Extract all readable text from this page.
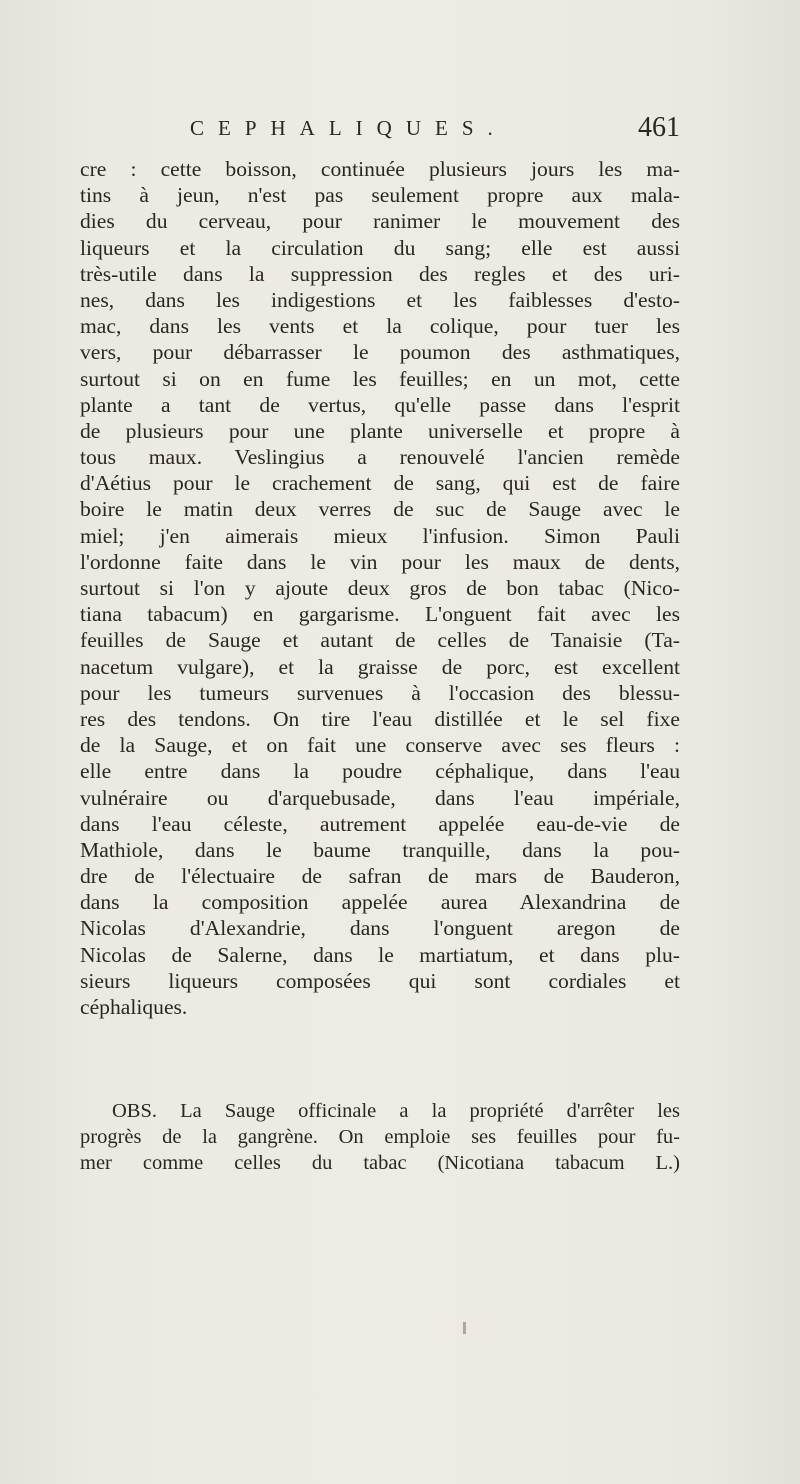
CEPHALIQUES.	461
cre : cette boisson, continuée plusieurs jours les ma-
tins à jeun, n'est pas seulement propre aux mala-
dies du cerveau, pour ranimer le mouvement des
liqueurs et la circulation du sang; elle est aussi
très-utile dans la suppression des regles et des uri-
nes, dans les indigestions et les faiblesses d'esto-
mac, dans les vents et la colique, pour tuer les
vers, pour débarrasser le poumon des asthmatiques,
surtout si on en fume les feuilles; en un mot, cette
plante a tant de vertus, qu'elle passe dans l'esprit
de plusieurs pour une plante universelle et propre à
tous maux. Veslingius a renouvelé l'ancien remède
d'Aétius pour le crachement de sang, qui est de faire
boire le matin deux verres de suc de Sauge avec le
miel; j'en aimerais mieux l'infusion. Simon Pauli
l'ordonne faite dans le vin pour les maux de dents,
surtout si l'on y ajoute deux gros de bon tabac (Nico-
tiana tabacum) en gargarisme. L'onguent fait avec les
feuilles de Sauge et autant de celles de Tanaisie (Ta-
nacetum vulgare), et la graisse de porc, est excellent
pour les tumeurs survenues à l'occasion des blessu-
res des tendons. On tire l'eau distillée et le sel fixe
de la Sauge, et on fait une conserve avec ses fleurs :
elle entre dans la poudre céphalique, dans l'eau
vulnéraire ou d'arquebusade, dans l'eau impériale,
dans l'eau céleste, autrement appelée eau-de-vie de
Mathiole, dans le baume tranquille, dans la pou-
dre de l'électuaire de safran de mars de Bauderon,
dans la composition appelée aurea Alexandrina de
Nicolas d'Alexandrie, dans l'onguent aregon de
Nicolas de Salerne, dans le martiatum, et dans plu-
sieurs liqueurs composées qui sont cordiales et
céphaliques.
OBS. La Sauge officinale a la propriété d'arrêter les
progrès de la gangrène. On emploie ses feuilles pour fu-
mer comme celles du tabac (Nicotiana tabacum L.)
